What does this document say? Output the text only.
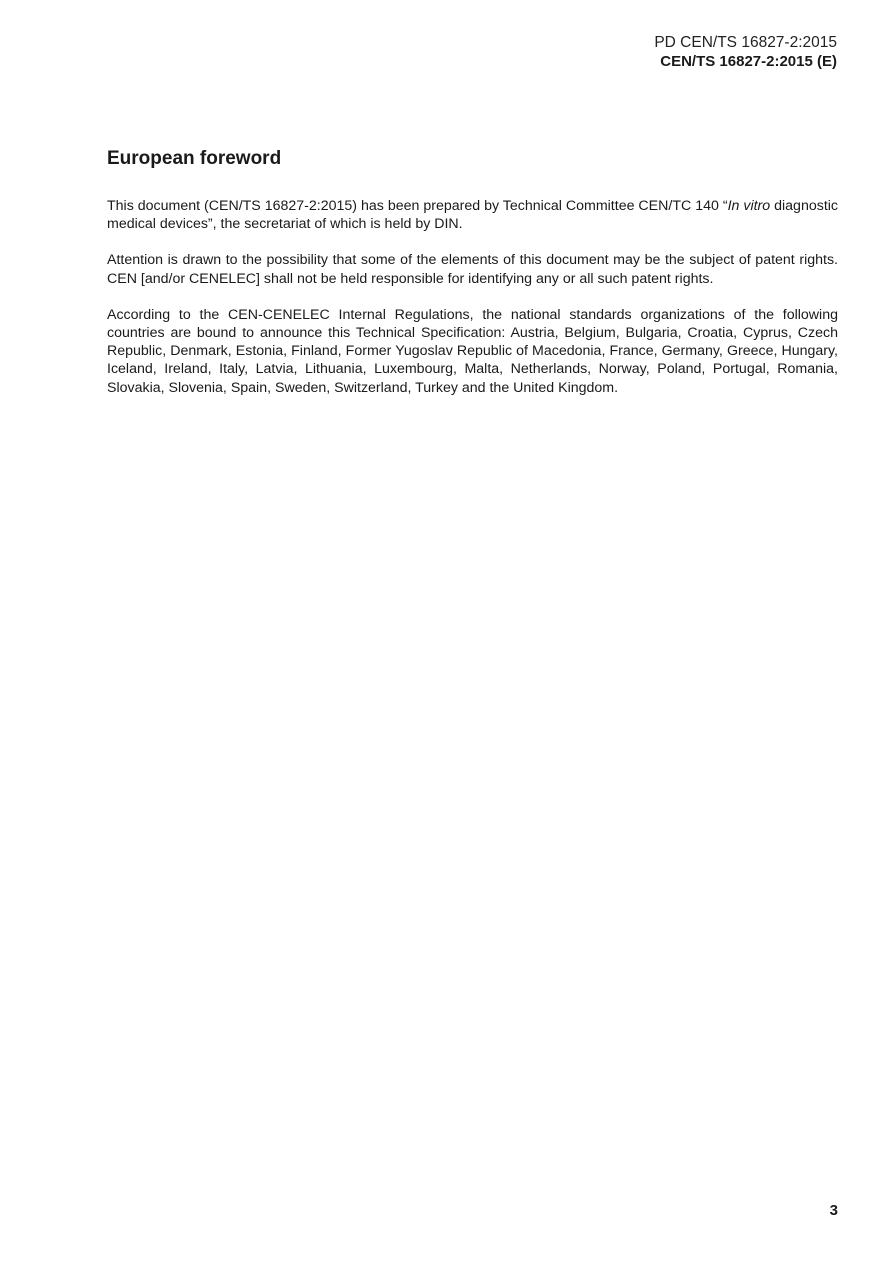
PD CEN/TS 16827-2:2015
CEN/TS 16827-2:2015 (E)
European foreword

This document (CEN/TS 16827-2:2015) has been prepared by Technical Committee CEN/TC 140 “In vitro diagnostic medical devices”, the secretariat of which is held by DIN.

Attention is drawn to the possibility that some of the elements of this document may be the subject of patent rights. CEN [and/or CENELEC] shall not be held responsible for identifying any or all such patent rights.

According to the CEN-CENELEC Internal Regulations, the national standards organizations of the following countries are bound to announce this Technical Specification: Austria, Belgium, Bulgaria, Croatia, Cyprus, Czech Republic, Denmark, Estonia, Finland, Former Yugoslav Republic of Macedonia, France, Germany, Greece, Hungary, Iceland, Ireland, Italy, Latvia, Lithuania, Luxembourg, Malta, Netherlands, Norway, Poland, Portugal, Romania, Slovakia, Slovenia, Spain, Sweden, Switzerland, Turkey and the United Kingdom.

3
